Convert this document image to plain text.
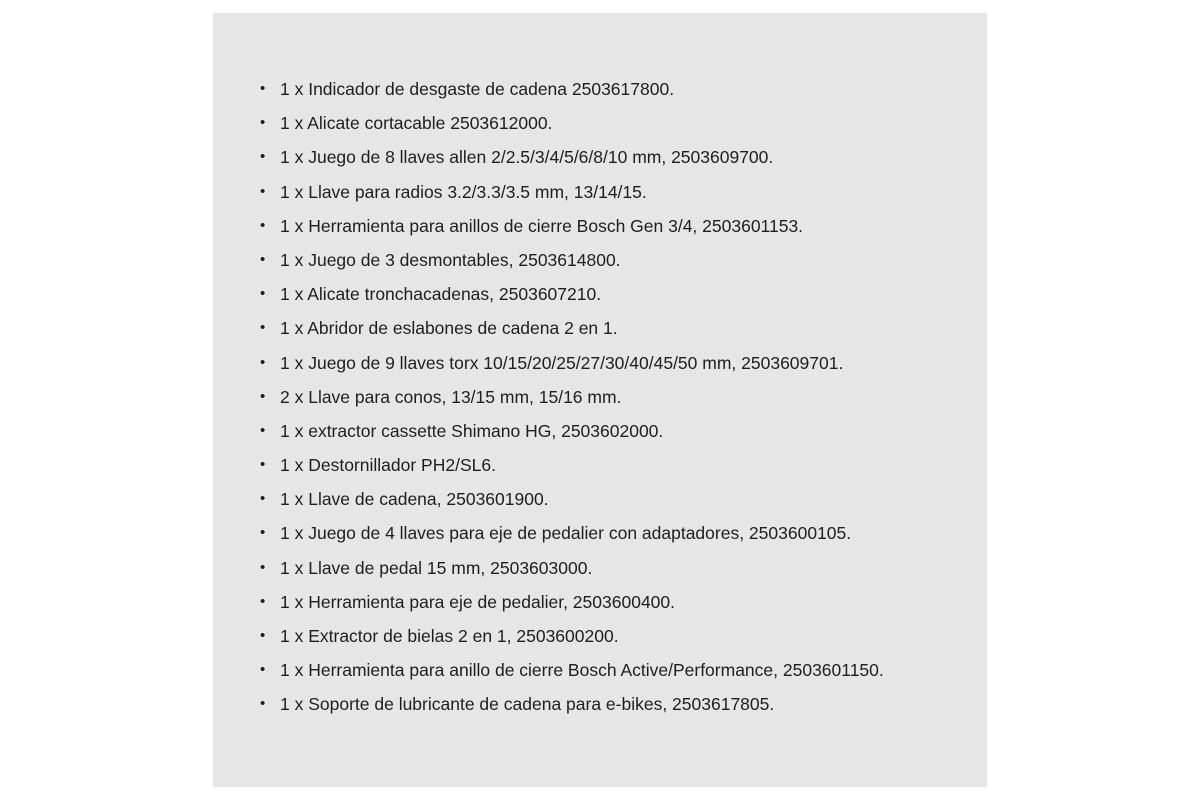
• 1 x Indicador de desgaste de cadena 2503617800.
• 1 x Alicate cortacable 2503612000.
• 1 x Juego de 8 llaves allen 2/2.5/3/4/5/6/8/10 mm, 2503609700.
• 1 x Llave para radios 3.2/3.3/3.5 mm, 13/14/15.
• 1 x Herramienta para anillos de cierre Bosch Gen 3/4, 2503601153.
• 1 x Juego de 3 desmontables, 2503614800.
• 1 x Alicate tronchacadenas, 2503607210.
• 1 x Abridor de eslabones de cadena 2 en 1.
• 1 x Juego de 9 llaves torx 10/15/20/25/27/30/40/45/50 mm, 2503609701.
• 2 x Llave para conos, 13/15 mm, 15/16 mm.
• 1 x extractor cassette Shimano HG, 2503602000.
• 1 x Destornillador PH2/SL6.
• 1 x Llave de cadena, 2503601900.
• 1 x Juego de 4 llaves para eje de pedalier con adaptadores, 2503600105.
• 1 x Llave de pedal 15 mm, 2503603000.
• 1 x Herramienta para eje de pedalier, 2503600400.
• 1 x Extractor de bielas 2 en 1, 2503600200.
• 1 x Herramienta para anillo de cierre Bosch Active/Performance, 2503601150.
• 1 x Soporte de lubricante de cadena para e-bikes, 2503617805.
